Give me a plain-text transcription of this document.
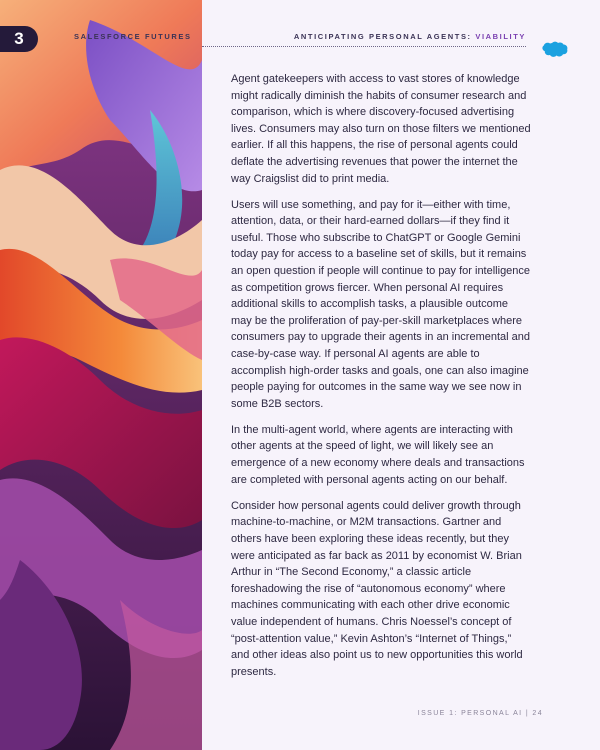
3	SALESFORCE FUTURES	ANTICIPATING PERSONAL AGENTS: VIABILITY

Agent gatekeepers with access to vast stores of knowledge might radically diminish the habits of consumer research and comparison, which is where discovery-focused advertising lives. Consumers may also turn on those filters we mentioned earlier. If all this happens, the rise of personal agents could deflate the advertising revenues that power the internet the way Craigslist did to print media.

Users will use something, and pay for it—either with time, attention, data, or their hard-earned dollars—if they find it useful. Those who subscribe to ChatGPT or Google Gemini today pay for access to a baseline set of skills, but it remains an open question if people will continue to pay for intelligence as competition grows fiercer. When personal AI requires additional skills to accomplish tasks, a plausible outcome may be the proliferation of pay-per-skill marketplaces where consumers pay to upgrade their agents in an incremental and case-by-case way. If personal AI agents are able to accomplish high-order tasks and goals, one can also imagine people paying for outcomes in the same way we see now in some B2B sectors.

In the multi-agent world, where agents are interacting with other agents at the speed of light, we will likely see an emergence of a new economy where deals and transactions are completed with personal agents acting on our behalf.

Consider how personal agents could deliver growth through machine-to-machine, or M2M transactions. Gartner and others have been exploring these ideas recently, but they were anticipated as far back as 2011 by economist W. Brian Arthur in “The Second Economy,” a classic article foreshadowing the rise of “autonomous economy” where machines communicating with each other drive economic value independent of humans. Chris Noessel’s concept of “post-attention value,” Kevin Ashton’s “Internet of Things,” and other ideas also point us to new opportunities this world presents.

ISSUE 1: PERSONAL AI | 24
